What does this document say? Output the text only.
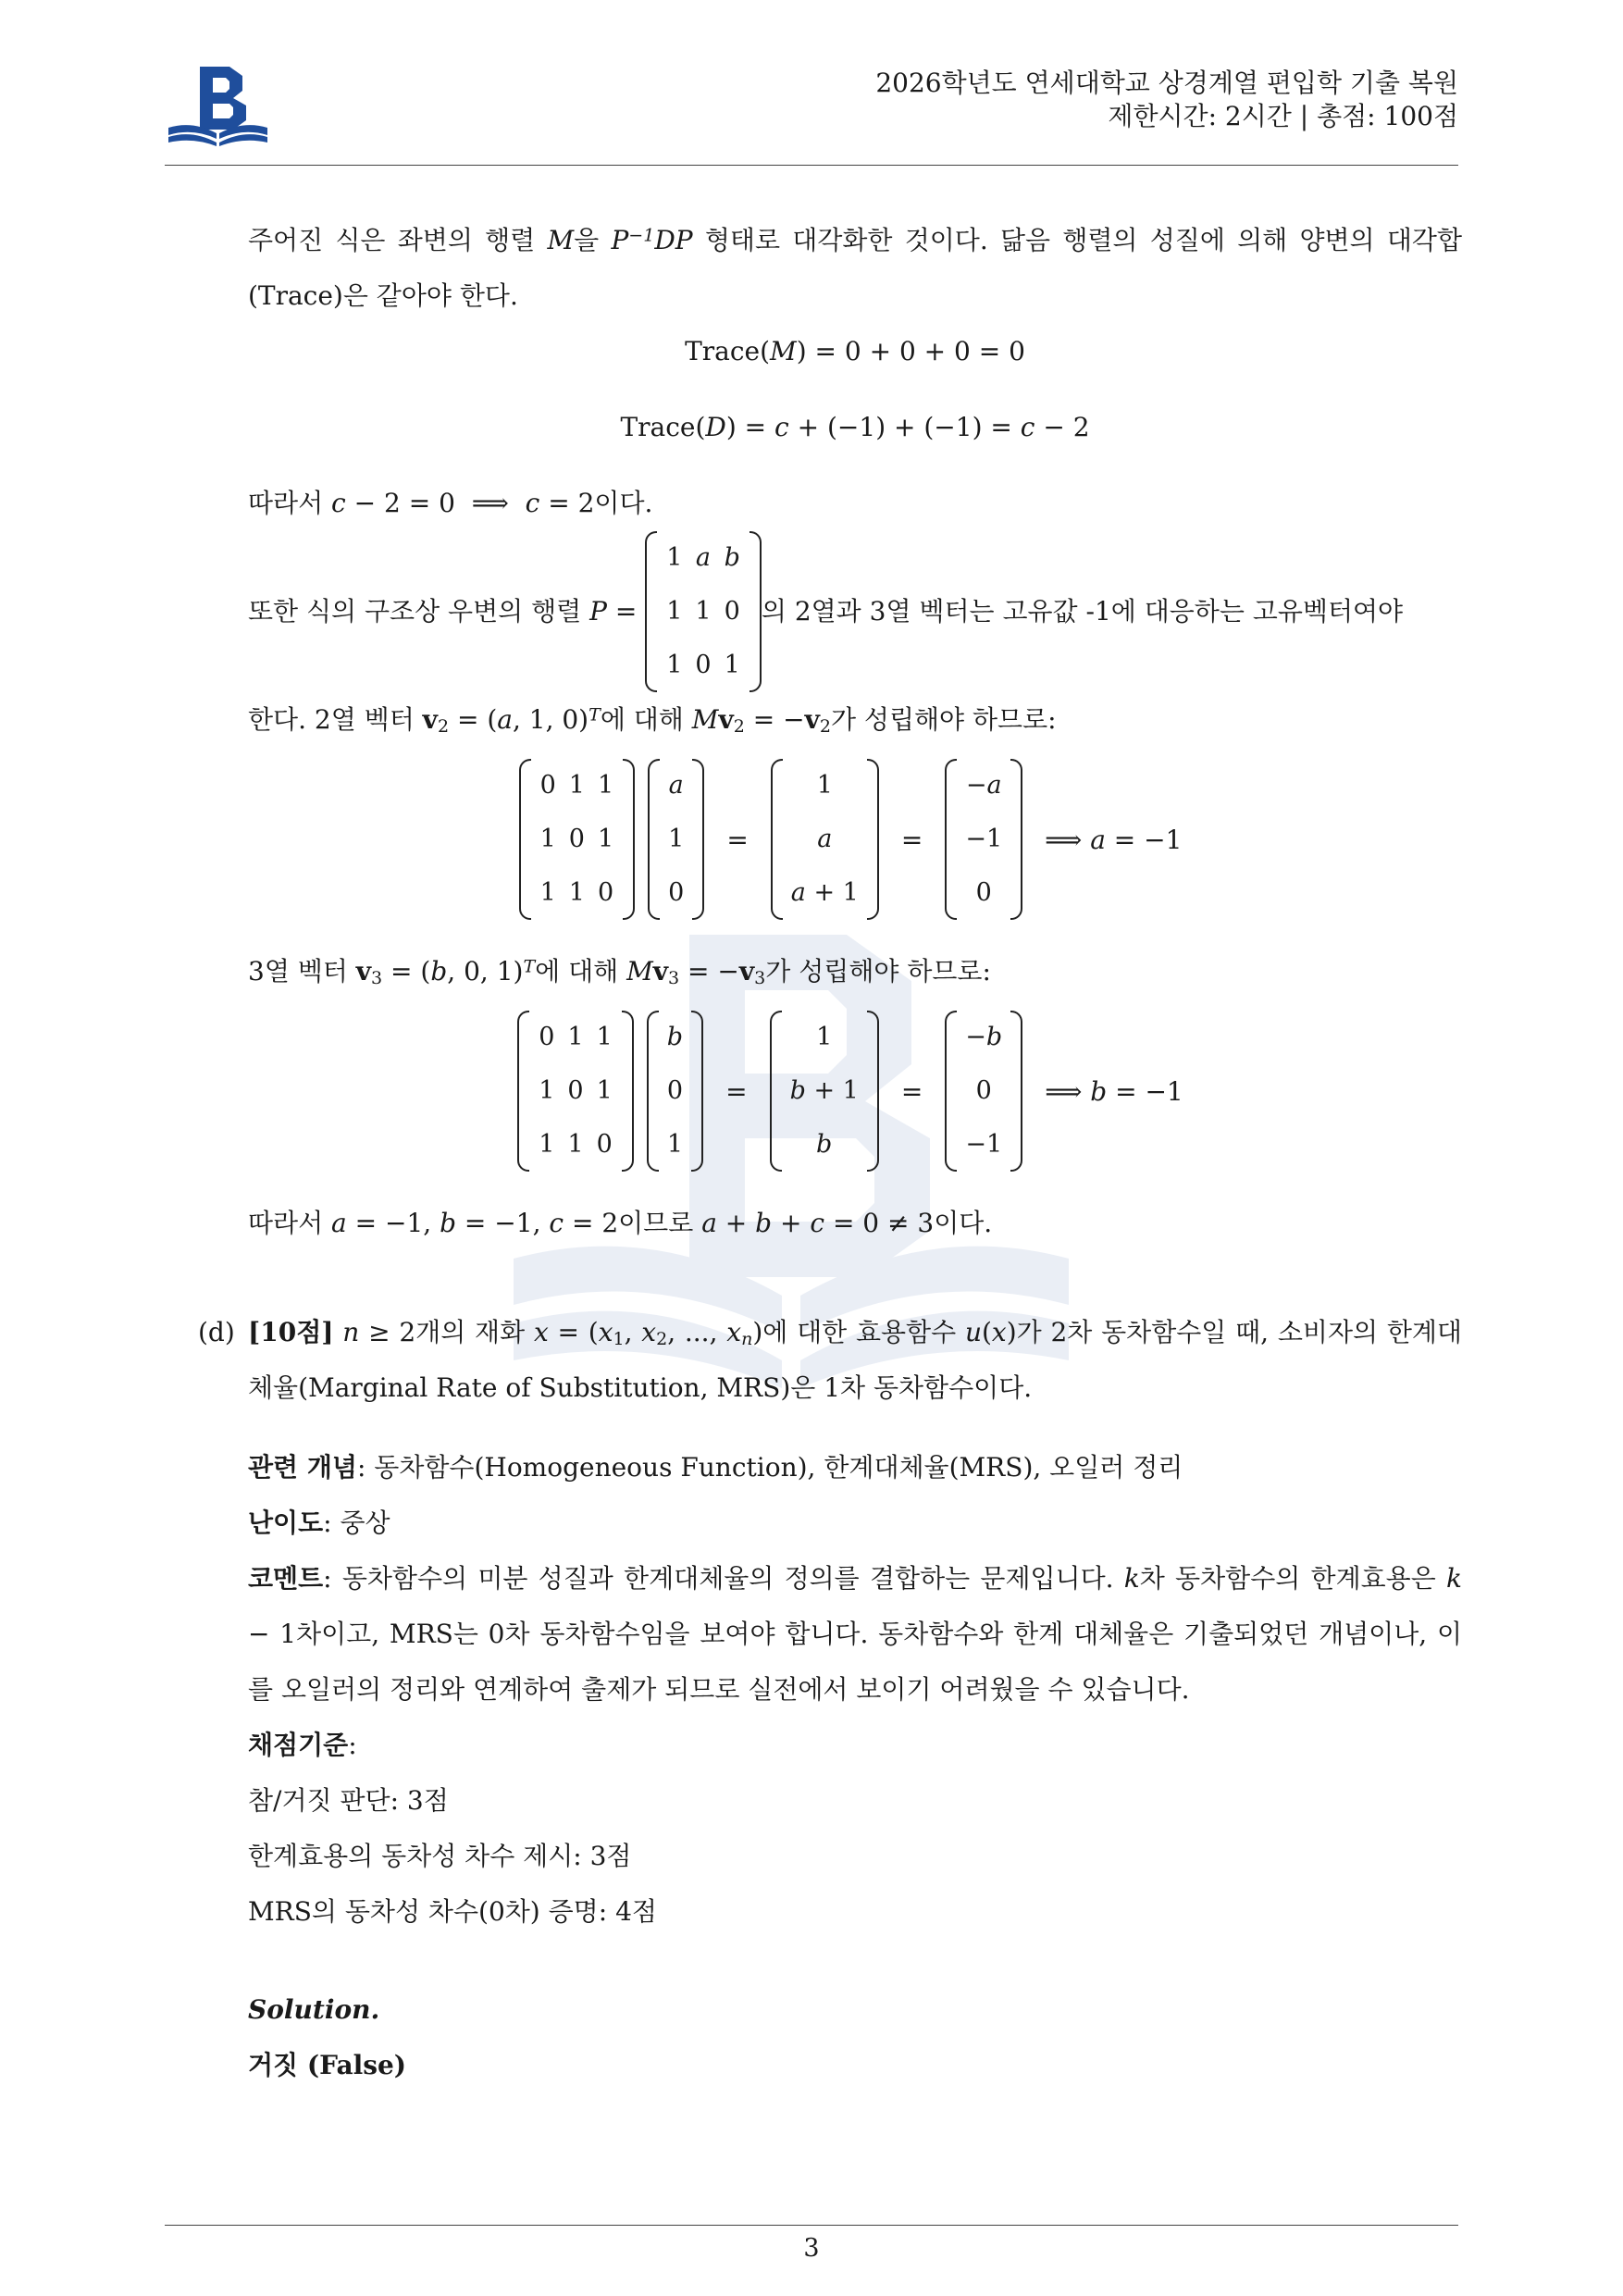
2026학년도 연세대학교 상경계열 편입학 기출 복원
제한시간: 2시간 | 총점: 100점

주어진 식은 좌변의 행렬 M을 $P^{-1}DP$ 형태로 대각화한 것이다. 닮음 행렬의 성질에 의해 양변의 대각합 (Trace)은 같아야 한다.

Trace(M) = 0 + 0 + 0 = 0
Trace(D) = c + (−1) + (−1) = c − 2

따라서 c − 2 = 0  ⟹  c = 2이다.

또한 식의 구조상 우변의 행렬 P =
1	a	b
1	1	0
1	0	1
의 2열과 3열 벡터는 고유값 -1에 대응하는 고유벡터여야

한다. 2열 벡터 $v_2 = (a$, 1, 0)$^T$에 대해 $Mv_2 = -v_2$가 성립해야 하므로:

0	1	1
1	0	1
1	1	0
a
1
0
=
1
a
a + 1
=
−a
−1
0
⟹ a = −1

3열 벡터 $v_3 = (b$, 0, 1)$^T$에 대해 $Mv_3 = -v_3$가 성립해야 하므로:

0	1	1
1	0	1
1	1	0
b
0
1
=
1
b + 1
b
=
−b
0
−1
⟹ b = −1

따라서 a = −1, b = −1, c = 2이므로 a + b + c = 0 ≠ 3이다.

(d) [10점] n ≥ 2개의 재화 $x = (x_1$, $x_2$, ..., $x_n$)에 대한 효용함수 u(x)가 2차 동차함수일 때, 소비자의 한계대체율(Marginal Rate of Substitution, MRS)은 1차 동차함수이다.

관련 개념: 동차함수(Homogeneous Function), 한계대체율(MRS), 오일러 정리

난이도: 중상

코멘트: 동차함수의 미분 성질과 한계대체율의 정의를 결합하는 문제입니다. k차 동차함수의 한계효용은 k − 1차이고, MRS는 0차 동차함수임을 보여야 합니다. 동차함수와 한계 대체율은 기출되었던 개념이나, 이를 오일러의 정리와 연계하여 출제가 되므로 실전에서 보이기 어려웠을 수 있습니다.

채점기준:

참/거짓 판단: 3점

한계효용의 동차성 차수 제시: 3점

MRS의 동차성 차수(0차) 증명: 4점

Solution.

거짓 (False)

3
